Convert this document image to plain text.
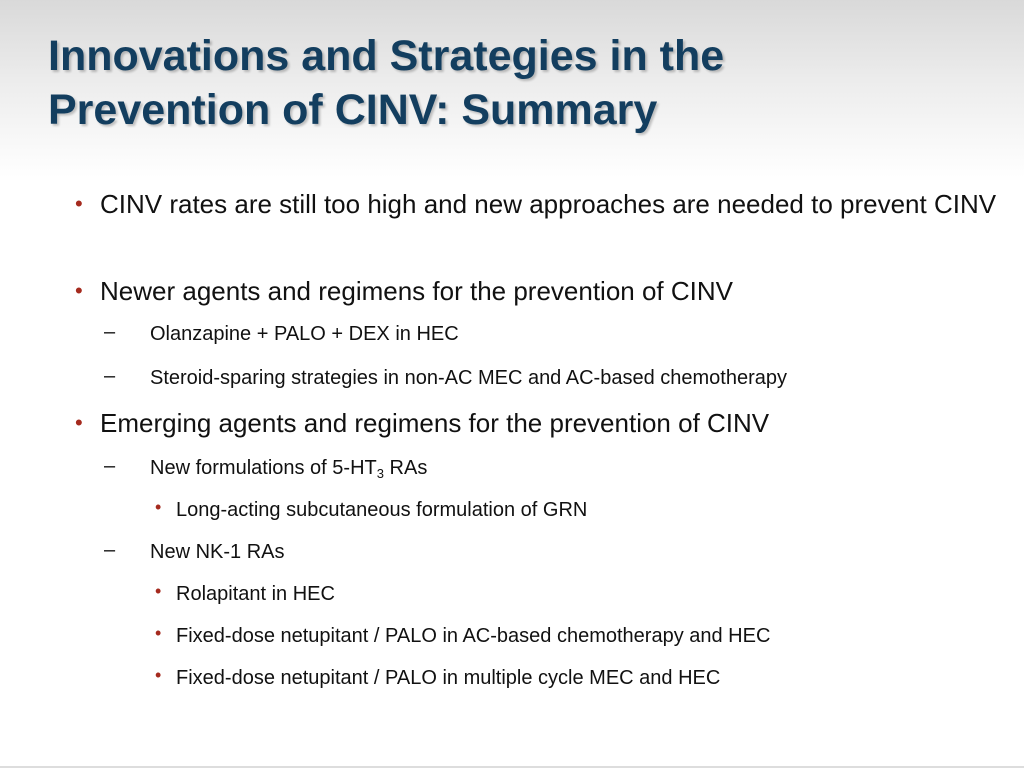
Innovations and Strategies in the
Prevention of CINV: Summary
• CINV rates are still too high and new approaches are needed to prevent CINV
• Newer agents and regimens for the prevention of CINV
– Olanzapine + PALO + DEX in HEC
– Steroid-sparing strategies in non-AC MEC and AC-based chemotherapy
• Emerging agents and regimens for the prevention of CINV
– New formulations of $5-HT_3$ RAs
• Long-acting subcutaneous formulation of GRN
– New NK-1 RAs
• Rolapitant in HEC
• Fixed-dose netupitant / PALO in AC-based chemotherapy and HEC
• Fixed-dose netupitant / PALO in multiple cycle MEC and HEC
